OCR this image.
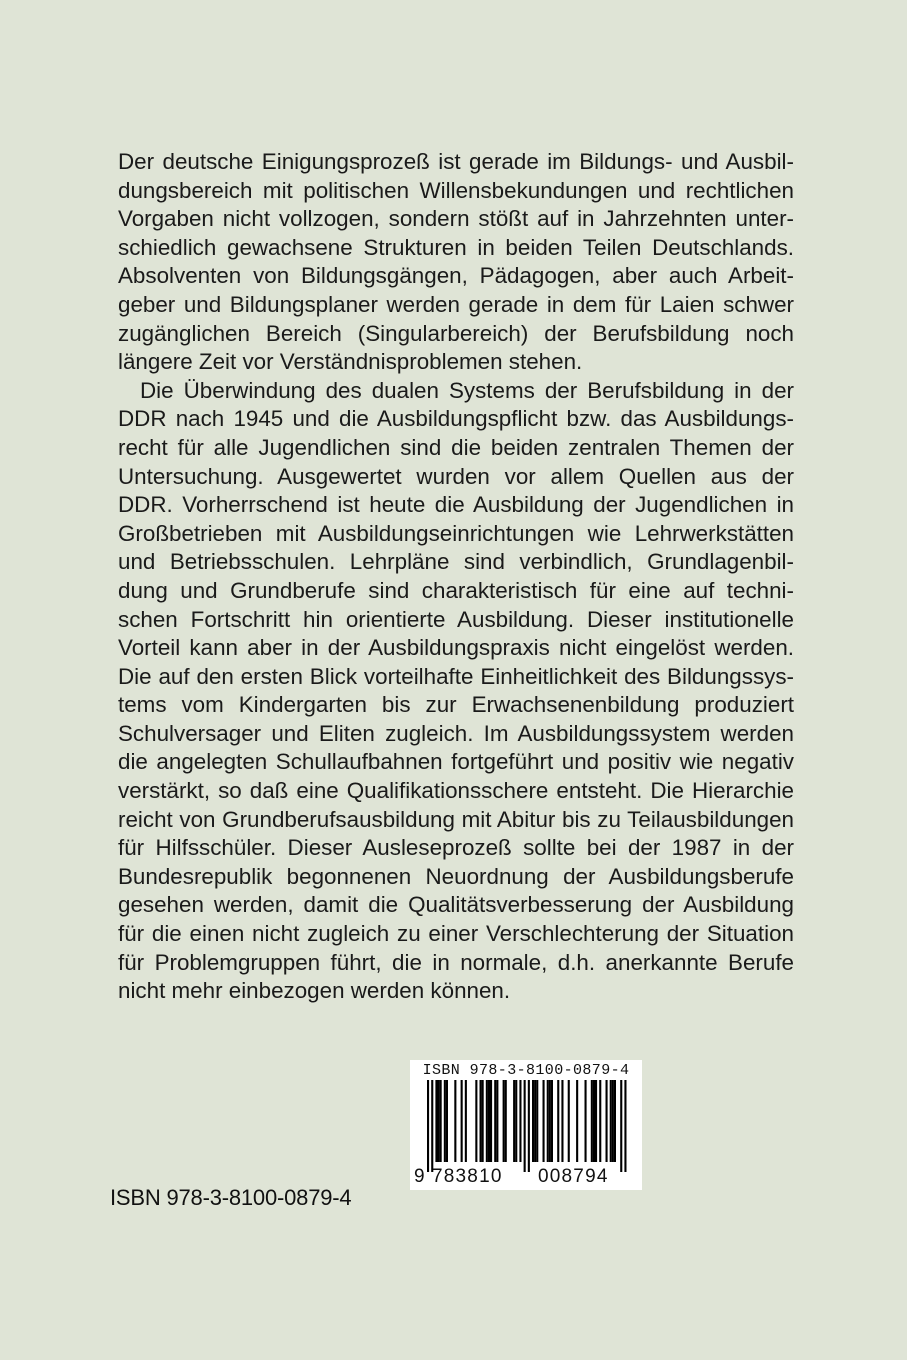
Der deutsche Einigungsprozeß ist gerade im Bildungs- und Ausbildungsbereich mit politischen Willensbekundungen und rechtlichen Vorgaben nicht vollzogen, sondern stößt auf in Jahrzehnten unterschiedlich gewachsene Strukturen in beiden Teilen Deutschlands. Absolventen von Bildungsgängen, Pädagogen, aber auch Arbeitgeber und Bildungsplaner werden gerade in dem für Laien schwer zugänglichen Bereich (Singularbereich) der Berufsbildung noch längere Zeit vor Verständnisproblemen stehen.

Die Überwindung des dualen Systems der Berufsbildung in der DDR nach 1945 und die Ausbildungspflicht bzw. das Ausbildungsrecht für alle Jugendlichen sind die beiden zentralen Themen der Untersuchung. Ausgewertet wurden vor allem Quellen aus der DDR. Vorherrschend ist heute die Ausbildung der Jugendlichen in Großbetrieben mit Ausbildungseinrichtungen wie Lehrwerkstätten und Betriebsschulen. Lehrpläne sind verbindlich, Grundlagenbildung und Grundberufe sind charakteristisch für eine auf technischen Fortschritt hin orientierte Ausbildung. Dieser institutionelle Vorteil kann aber in der Ausbildungspraxis nicht eingelöst werden. Die auf den ersten Blick vorteilhafte Einheitlichkeit des Bildungssystems vom Kindergarten bis zur Erwachsenenbildung produziert Schulversager und Eliten zugleich. Im Ausbildungssystem werden die angelegten Schullaufbahnen fortgeführt und positiv wie negativ verstärkt, so daß eine Qualifikationsschere entsteht. Die Hierarchie reicht von Grundberufsausbildung mit Abitur bis zu Teilausbildungen für Hilfsschüler. Dieser Ausleseprozeß sollte bei der 1987 in der Bundesrepublik begonnenen Neuordnung der Ausbildungsberufe gesehen werden, damit die Qualitätsverbesserung der Ausbildung für die einen nicht zugleich zu einer Verschlechterung der Situation für Problemgruppen führt, die in normale, d.h. anerkannte Berufe nicht mehr einbezogen werden können.

ISBN 978-3-8100-0879-4
9 783810 008794
ISBN 978-3-8100-0879-4
